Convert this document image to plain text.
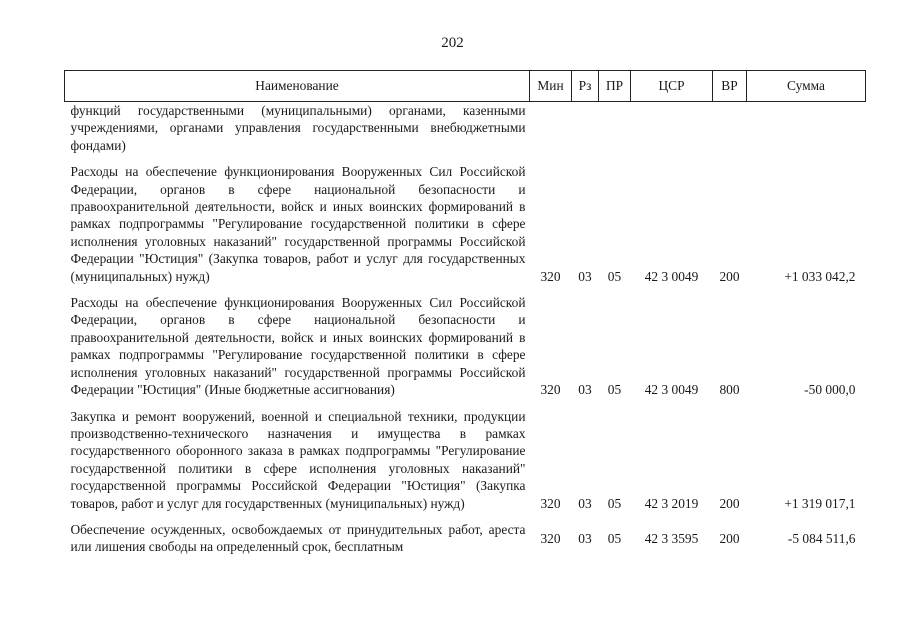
202
Наименование	Мин	Рз	ПР	ЦСР	ВР	Сумма
функций государственными (муниципальными) органами, казенными учреждениями, органами управления государственными внебюджетными фондами)						
Расходы на обеспечение функционирования Вооруженных Сил Российской Федерации, органов в сфере национальной безопасности и правоохранительной деятельности, войск и иных воинских формирований в рамках подпрограммы "Регулирование государственной политики в сфере исполнения уголовных наказаний" государственной программы Российской Федерации "Юстиция" (Закупка товаров, работ и услуг для государственных (муниципальных) нужд)	320	03	05	42 3 0049	200	+1 033 042,2
Расходы на обеспечение функционирования Вооруженных Сил Российской Федерации, органов в сфере национальной безопасности и правоохранительной деятельности, войск и иных воинских формирований в рамках подпрограммы "Регулирование государственной политики в сфере исполнения уголовных наказаний" государственной программы Российской Федерации "Юстиция" (Иные бюджетные ассигнования)	320	03	05	42 3 0049	800	-50 000,0
Закупка и ремонт вооружений, военной и специальной техники, продукции производственно-технического назначения и имущества в рамках государственного оборонного заказа в рамках подпрограммы "Регулирование государственной политики в сфере исполнения уголовных наказаний" государственной программы Российской Федерации "Юстиция" (Закупка товаров, работ и услуг для государственных (муниципальных) нужд)	320	03	05	42 3 2019	200	+1 319 017,1
Обеспечение осужденных, освобождаемых от принудительных работ, ареста или лишения свободы на определенный срок, бесплатным	320	03	05	42 3 3595	200	-5 084 511,6
